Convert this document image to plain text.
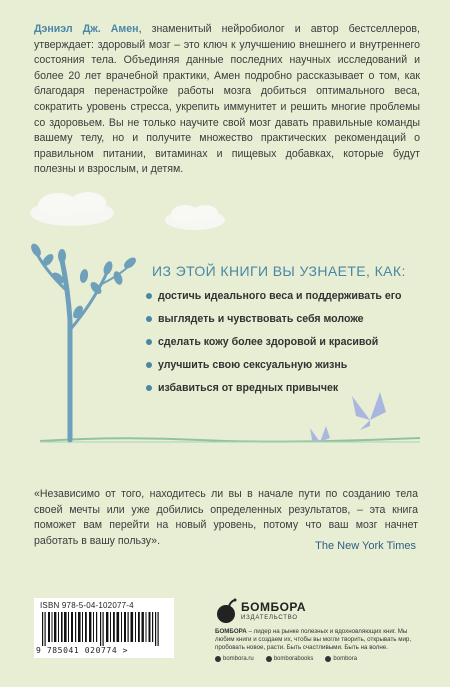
Дэниэл Дж. Амен, знаменитый нейробиолог и автор бестселлеров, утверждает: здоровый мозг – это ключ к улучшению внешнего и внутреннего состояния тела. Объединяя данные последних научных исследований и более 20 лет врачебной практики, Амен подробно рассказывает о том, как благодаря перенастройке работы мозга добиться оптимального веса, сократить уровень стресса, укрепить иммунитет и решить многие проблемы со здоровьем. Вы не только научите свой мозг давать правильные команды вашему телу, но и получите множество практических рекомендаций о правильном питании, витаминах и пищевых добавках, которые будут полезны и взрослым, и детям.

ИЗ ЭТОЙ КНИГИ ВЫ УЗНАЕТЕ, КАК:
достичь идеального веса и поддерживать его
выглядеть и чувствовать себя моложе
сделать кожу более здоровой и красивой
улучшить свою сексуальную жизнь
избавиться от вредных привычек

«Независимо от того, находитесь ли вы в начале пути по созданию тела своей мечты или уже добились определенных результатов, – эта книга поможет вам перейти на новый уровень, потому что ваш мозг начнет работать в вашу пользу».	The New York Times

ISBN 978-5-04-102077-4
9 785041 020774 >
БОМБОРА
ИЗДАТЕЛЬСТВО

БОМБОРА – лидер на рынке полезных и вдохновляющих книг. Мы любим книги и создаем их, чтобы вы могли творить, открывать мир, пробовать новое, расти. Быть счастливыми. Быть на волне.

bombora.ru	bomborabooks	bombora
